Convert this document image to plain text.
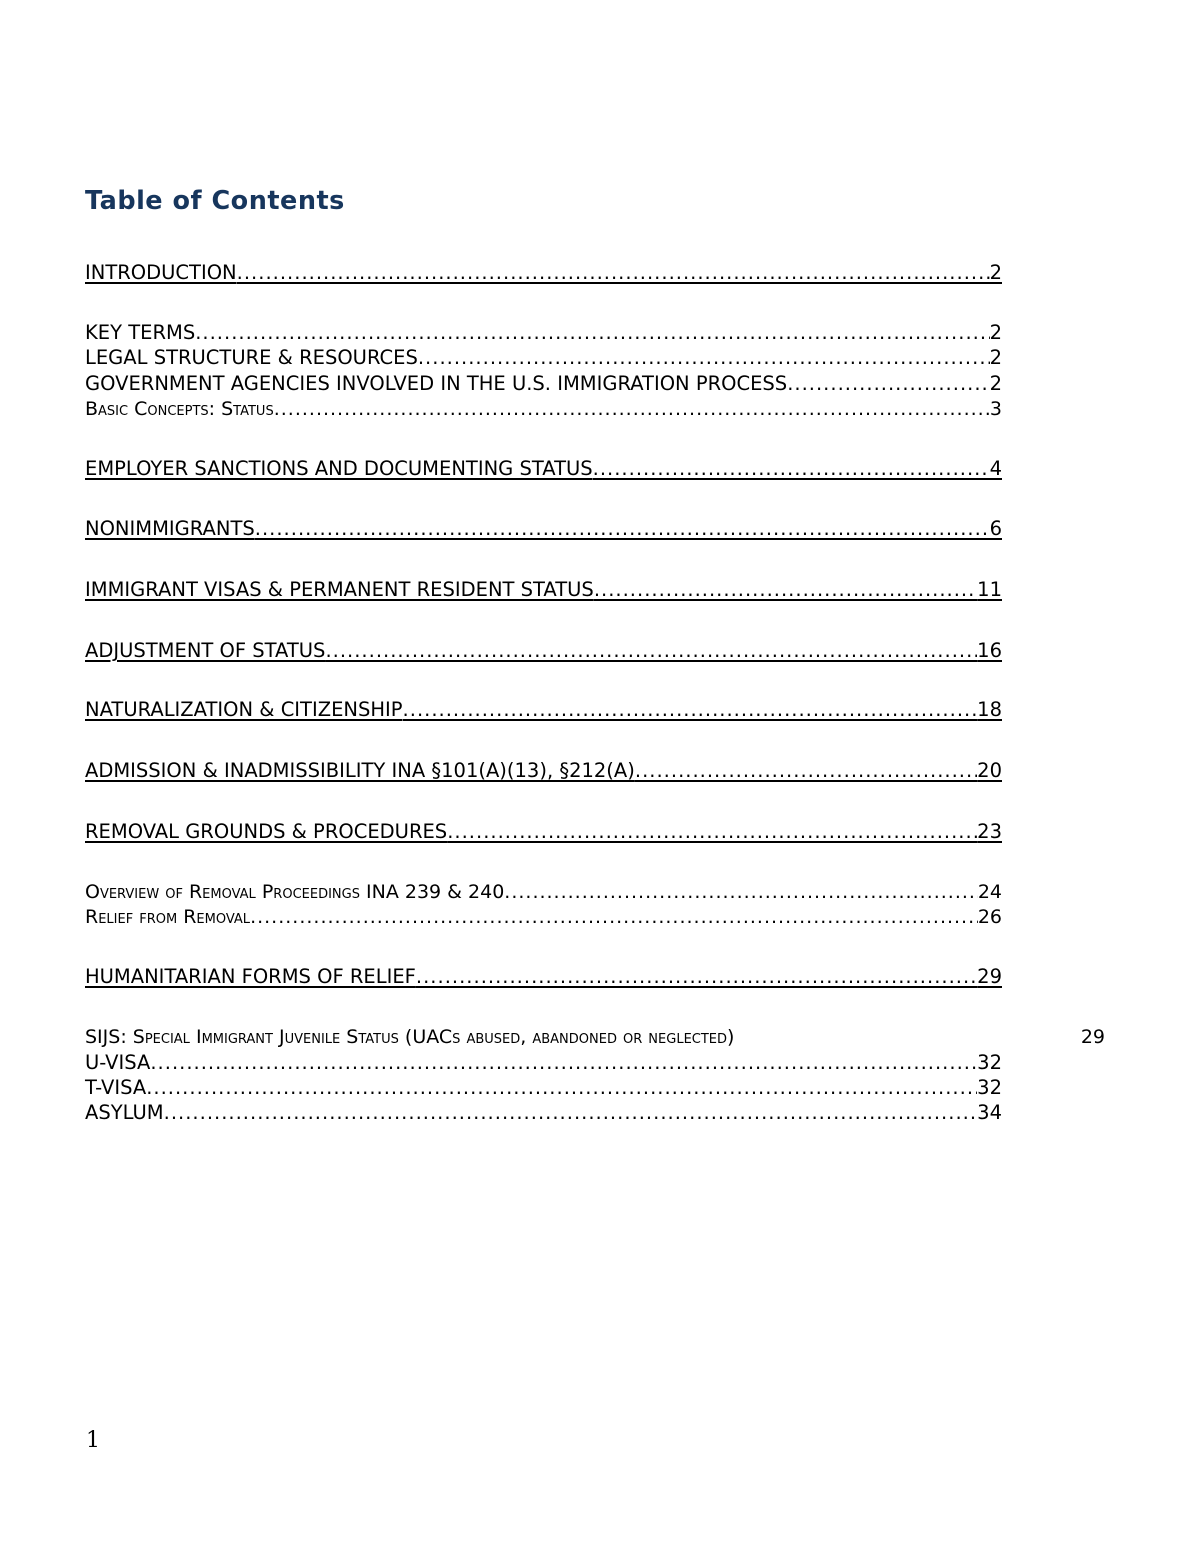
Table of Contents
INTRODUCTION .....	2
KEY TERMS .....	2
LEGAL STRUCTURE & RESOURCES .....	2
GOVERNMENT AGENCIES INVOLVED IN THE U.S. IMMIGRATION PROCESS .....	2
Basic Concepts: Status .....	3
EMPLOYER SANCTIONS AND DOCUMENTING STATUS .....	4
NONIMMIGRANTS .....	6
IMMIGRANT VISAS & PERMANENT RESIDENT STATUS .....	11
ADJUSTMENT OF STATUS .....	16
NATURALIZATION & CITIZENSHIP .....	18
ADMISSION & INADMISSIBILITY INA §101(A)(13), §212(A) .....	20
REMOVAL GROUNDS & PROCEDURES .....	23
Overview of Removal Proceedings INA 239 & 240 .....	24
Relief from Removal .....	26
HUMANITARIAN FORMS OF RELIEF .....	29
SIJS: Special Immigrant Juvenile Status (UACs abused, abandoned or neglected)	29
U-VISA .....	32
T-VISA .....	32
ASYLUM .....	34
1
